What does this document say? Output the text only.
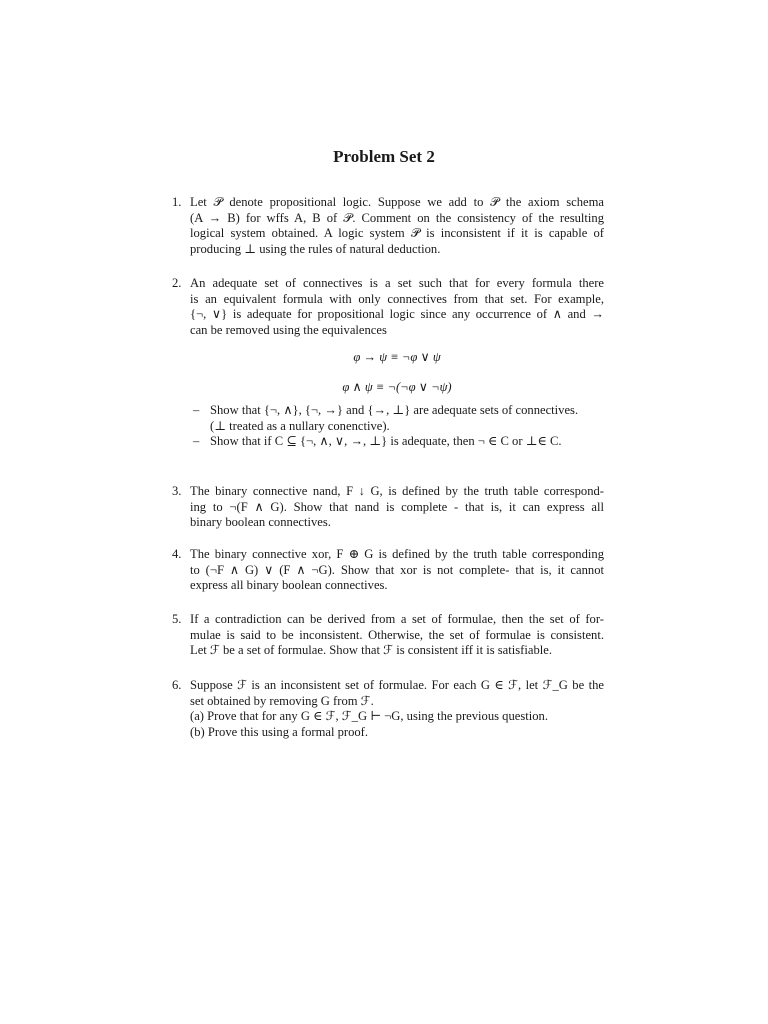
Problem Set 2
1. Let 𝒫 denote propositional logic. Suppose we add to 𝒫 the axiom schema
(A → B) for wffs A, B of 𝒫. Comment on the consistency of the resulting
logical system obtained. A logic system 𝒫 is inconsistent if it is capable of
producing ⊥ using the rules of natural deduction.
2. An adequate set of connectives is a set such that for every formula there
is an equivalent formula with only connectives from that set. For example,
{¬, ∨} is adequate for propositional logic since any occurrence of ∧ and →
can be removed using the equivalences
φ → ψ ≡ ¬φ ∨ ψ
φ ∧ ψ ≡ ¬(¬φ ∨ ¬ψ)
– Show that {¬, ∧}, {¬, →} and {→, ⊥} are adequate sets of connectives.
(⊥ treated as a nullary conenctive).
– Show that if C ⊆ {¬, ∧, ∨, →, ⊥} is adequate, then ¬ ∈ C or ⊥∈ C.
3. The binary connective nand, F ↓ G, is defined by the truth table correspond-
ing to ¬(F ∧ G). Show that nand is complete - that is, it can express all
binary boolean connectives.
4. The binary connective xor, F ⊕ G is defined by the truth table corresponding
to (¬F ∧ G) ∨ (F ∧ ¬G). Show that xor is not complete- that is, it cannot
express all binary boolean connectives.
5. If a contradiction can be derived from a set of formulae, then the set of for-
mulae is said to be inconsistent. Otherwise, the set of formulae is consistent.
Let ℱ be a set of formulae. Show that ℱ is consistent iff it is satisfiable.
6. Suppose ℱ is an inconsistent set of formulae. For each G ∈ ℱ, let ℱ_G be the
set obtained by removing G from ℱ.
(a) Prove that for any G ∈ ℱ, ℱ_G ⊢ ¬G, using the previous question.
(b) Prove this using a formal proof.
